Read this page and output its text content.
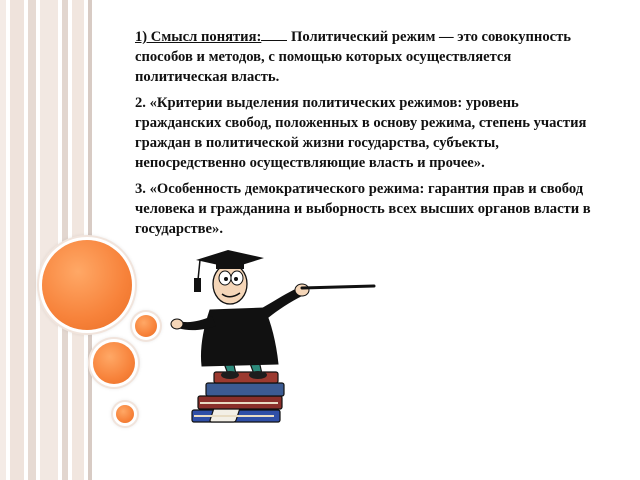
1) Смысл понятия: Политический режим — это совокупность способов и методов, с помощью которых осуществляется политическая власть.

2. «Критерии выделения политических режимов: уровень гражданских свобод, положенных в основу режима, степень участия граждан в политической жизни государства, субъекты, непосредственно осуществляющие власть и прочее».

3. «Особенность демократического режима: гарантия прав и свобод человека и гражданина и выборность всех высших органов власти в государстве».
